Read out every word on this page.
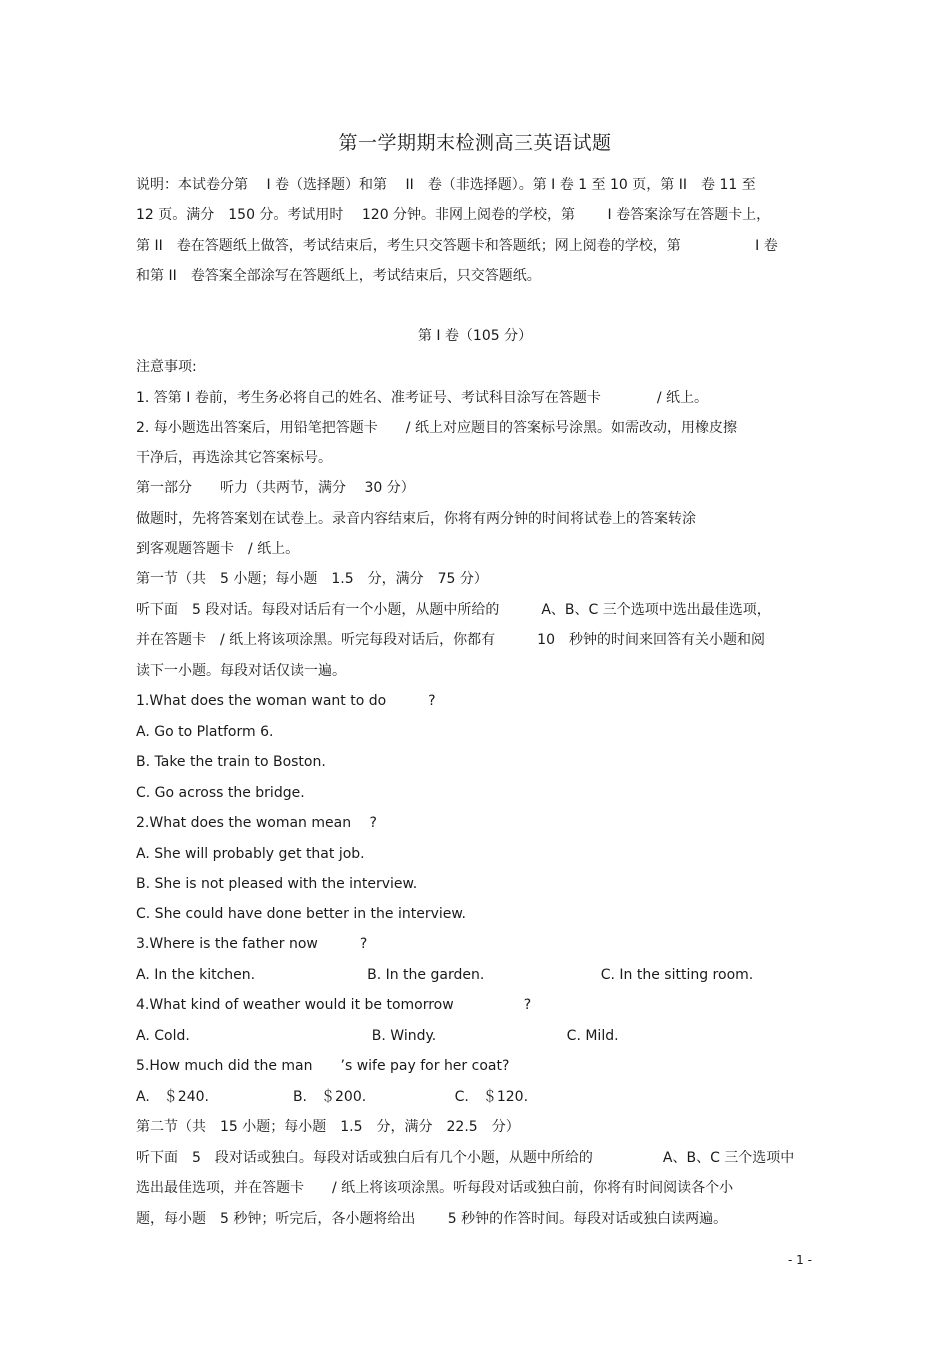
第一学期期末检测高三英语试题
说明：本试卷分第　 I 卷（选择题）和第　 II　卷（非选择题）。第 I 卷 1 至 10 页，第 II　卷 11 至
12 页。满分　150 分。考试用时　 120 分钟。非网上阅卷的学校，第　　 I 卷答案涂写在答题卡上，
第 II　卷在答题纸上做答，考试结束后，考生只交答题卡和答题纸；网上阅卷的学校，第　　　　　 I 卷
和第 II　卷答案全部涂写在答题纸上，考试结束后，只交答题纸。
第 I 卷（105 分）
注意事项:
1. 答第 I 卷前，考生务必将自己的姓名、准考证号、考试科目涂写在答题卡　　　　/ 纸上。
2. 每小题选出答案后，用铅笔把答题卡　　/ 纸上对应题目的答案标号涂黑。如需改动，用橡皮擦
干净后，再选涂其它答案标号。
第一部分　　听力（共两节，满分　 30 分）
做题时，先将答案划在试卷上。录音内容结束后，你将有两分钟的时间将试卷上的答案转涂
到客观题答题卡　/ 纸上。
第一节（共　5 小题；每小题　1.5　分，满分　75 分）
听下面　5 段对话。每段对话后有一个小题，从题中所给的　　　A、B、C 三个选项中选出最佳选项，
并在答题卡　/ 纸上将该项涂黑。听完每段对话后，你都有　　　10　秒钟的时间来回答有关小题和阅
读下一小题。每段对话仅读一遍。
1.What does the woman want to do　　　?
A. Go to Platform 6.
B. Take the train to Boston.
C. Go across the bridge.
2.What does the woman mean　 ?
A. She will probably get that job.
B. She is not pleased with the interview.
C. She could have done better in the interview.
3.Where is the father now　　　?
A. In the kitchen.　　　　　　　　B. In the garden.　　　　　　　　 C. In the sitting room.
4.What kind of weather would it be tomorrow　　　　　?
A. Cold.　　　　　　　　　　　　　B. Windy.　　　　　　　　　 C. Mild.
5.How much did the man　　’s wife pay for her coat?
A.　＄240.　　　　　　B.　＄200.　　　　　　 C.　＄120.
第二节（共　15 小题；每小题　1.5　分，满分　22.5　分）
听下面　5　段对话或独白。每段对话或独白后有几个小题，从题中所给的　　　　　A、B、C 三个选项中
选出最佳选项，并在答题卡　　/ 纸上将该项涂黑。听每段对话或独白前，你将有时间阅读各个小
题，每小题　5 秒钟；听完后，各小题将给出　　 5 秒钟的作答时间。每段对话或独白读两遍。
- 1 -
